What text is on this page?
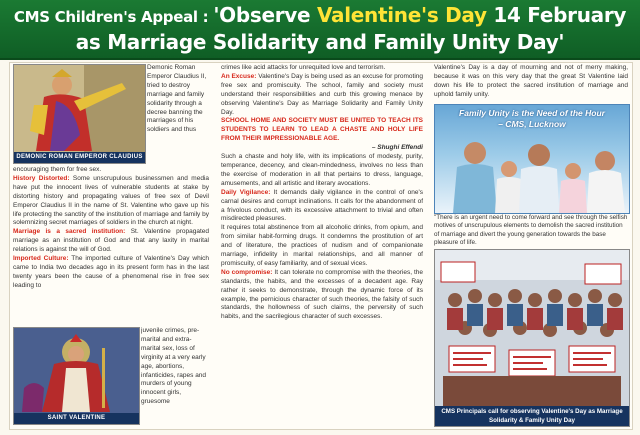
CMS Children's Appeal : 'Observe Valentine's Day 14 February
as Marriage Solidarity and Family Unity Day'
DEMONIC ROMAN EMPEROR CLAUDIUS
Demonic Roman Emperor Claudius II, tried to destroy marriage and family solidarity through a decree banning the marriages of his soldiers and thus

encouraging them for free sex.

History Distorted: Some unscrupulous businessmen and media have put the innocent lives of vulnerable students at stake by distorting history and propagating values of free sex of Devil Emperor Claudius II in the name of St. Valentine who gave up his life protecting the sanctity of the institution of marriage and family by solemnizing secret marriages of soldiers in the church at night.

Marriage is a sacred institution: St. Valentine propagated marriage as an institution of God and that any laxity in marital relations is against the will of God.

Imported Culture: The imported culture of Valentine's Day which came to India two decades ago in its present form has in the last twenty years been the cause of a phenomenal rise in free sex leading to

SAINT VALENTINE
juvenile crimes, pre-marital and extra-marital sex, loss of virginity at a very early age, abortions, infanticides, rapes and murders of young innocent girls, gruesome

crimes like acid attacks for unrequited love and terrorism.

An Excuse: Valentine's Day is being used as an excuse for promoting free sex and promiscuity. The school, family and society must understand their responsibilities and curb this growing menace by observing Valentine's Day as Marriage Solidarity and Family Unity Day.

SCHOOL HOME AND SOCIETY MUST BE UNITED TO TEACH ITS STUDENTS TO LEARN TO LEAD A CHASTE AND HOLY LIFE FROM THEIR IMPRESSIONABLE AGE.

– Shughi Effendi

Such a chaste and holy life, with its implications of modesty, purity, temperance, decency, and clean-mindedness, involves no less than the exercise of moderation in all that pertains to dress, language, amusements, and all artistic and literary avocations.

Daily Vigilance: It demands daily vigilance in the control of one's carnal desires and corrupt inclinations. It calls for the abandonment of a frivolous conduct, with its excessive attachment to trivial and often misdirected pleasures.

It requires total abstinence from all alcoholic drinks, from opium, and from similar habit-forming drugs. It condemns the prostitution of art and of literature, the practices of nudism and of companionate marriage, infidelity in marital relationships, and all manner of promiscuity, of easy familiarity, and of sexual vices.

No compromise: It can tolerate no compromise with the theories, the standards, the habits, and the excesses of a decadent age. Ray rather it seeks to demonstrate, through the dynamic force of its example, the pernicious character of such theories, the falsity of such standards, the hollowness of such claims, the perversity of such habits, and the sacrilegious character of such excesses.

Valentine's Day is a day of mourning and not of merry making, because it was on this very day that the great St Valentine laid down his life to protect the sacred institution of marriage and uphold family unity.
Family Unity is the Need of the Hour
– CMS, Lucknow
"There is an urgent need to come forward and see through the selfish motives of unscrupulous elements to demolish the sacred institution of marriage and divert the young generation towards the base pleasure of life.
CMS Principals call for observing Valentine's Day as Marriage Solidarity & Family Unity Day
